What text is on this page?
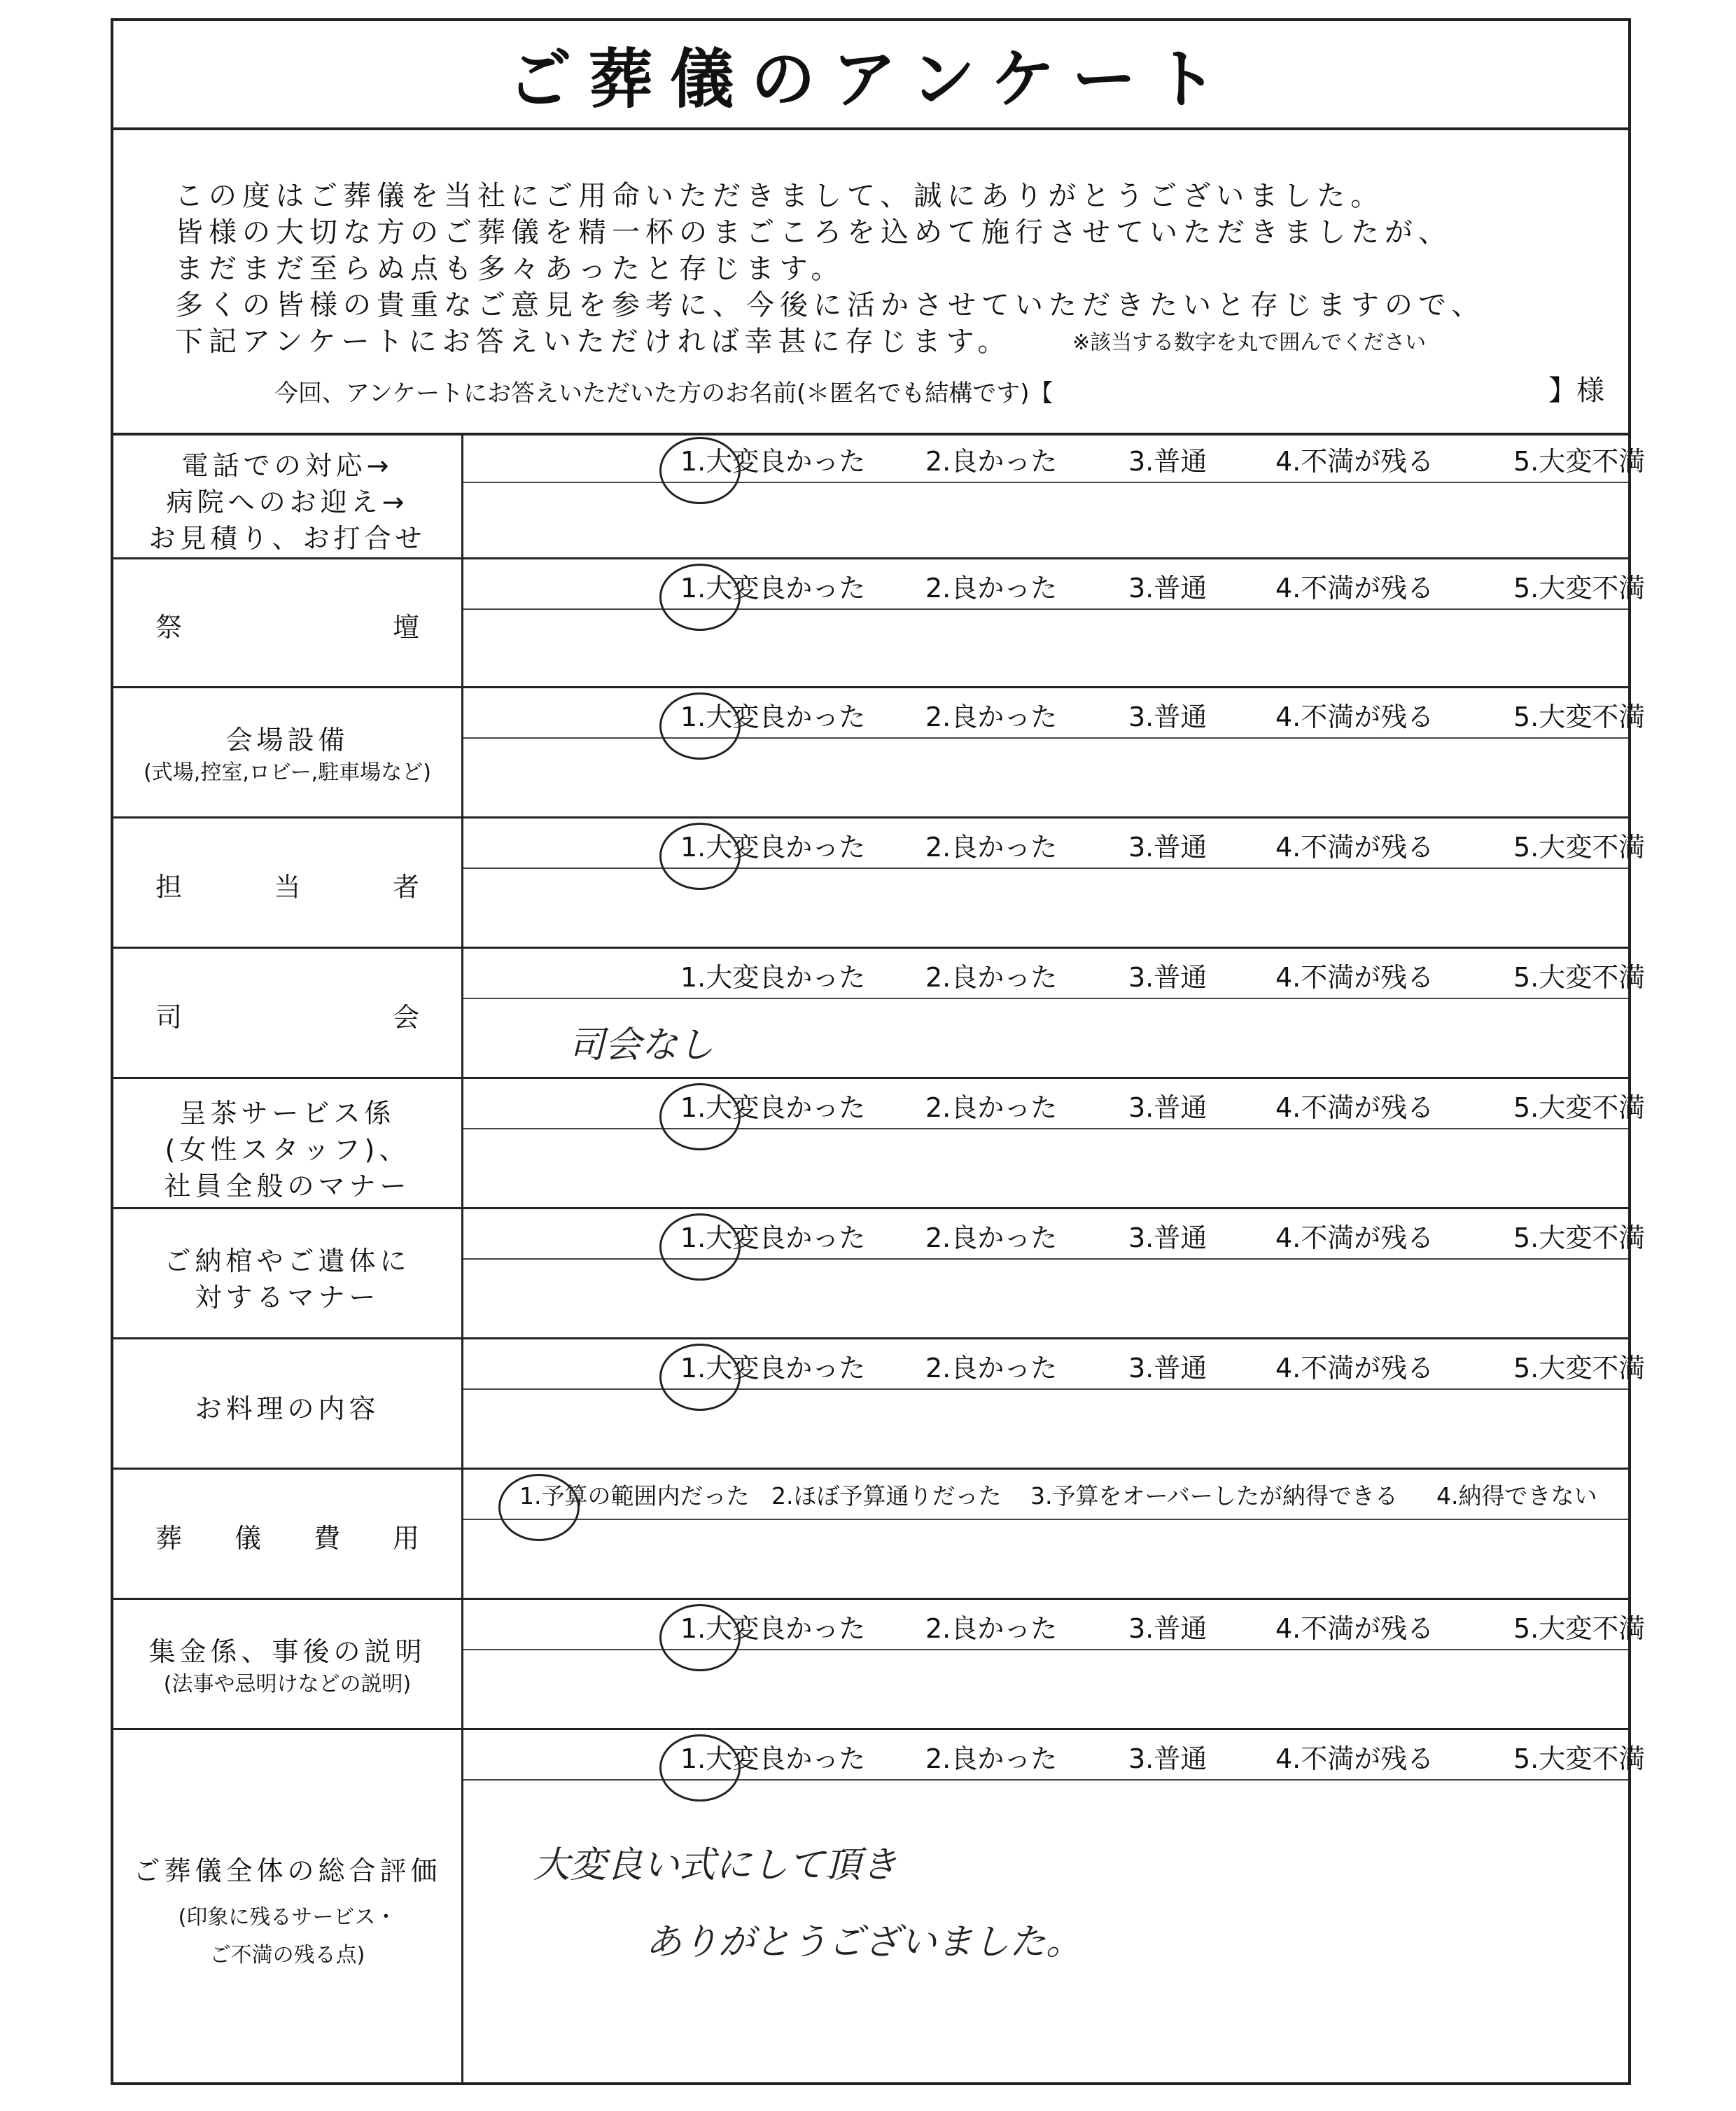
ご葬儀のアンケート
この度はご葬儀を当社にご用命いただきまして、誠にありがとうございました。
皆様の大切な方のご葬儀を精一杯のまごころを込めて施行させていただきましたが、
まだまだ至らぬ点も多々あったと存じます。
多くの皆様の貴重なご意見を参考に、今後に活かさせていただきたいと存じますので、
下記アンケートにお答えいただければ幸甚に存じます。	※該当する数字を丸で囲んでください
今回、アンケートにお答えいただいた方のお名前(＊匿名でも結構です)【	】様
電話での対応→
病院へのお迎え→
お見積り、お打合せ
1.大変良かった 2.良かった	3.普通	4.不満が残る	5.大変不満
祭	壇
1.大変良かった 2.良かった	3.普通	4.不満が残る	5.大変不満
会場設備
(式場,控室,ロビー,駐車場など)
1.大変良かった 2.良かった	3.普通	4.不満が残る	5.大変不満
担	当	者
1.大変良かった 2.良かった	3.普通	4.不満が残る	5.大変不満
司	会
1.大変良かった 2.良かった	3.普通	4.不満が残る	5.大変不満
司会なし
呈茶サービス係
(女性スタッフ)、
社員全般のマナー
1.大変良かった 2.良かった	3.普通	4.不満が残る	5.大変不満
ご納棺やご遺体に
対するマナー
1.大変良かった 2.良かった	3.普通	4.不満が残る	5.大変不満
お料理の内容
1.大変良かった 2.良かった	3.普通	4.不満が残る	5.大変不満
葬 儀 費 用
1.予算の範囲内だった 2.ほぼ予算通りだった 3.予算をオーバーしたが納得できる 4.納得できない
集金係、事後の説明
(法事や忌明けなどの説明)
1.大変良かった 2.良かった	3.普通	4.不満が残る	5.大変不満
ご葬儀全体の総合評価
(印象に残るサービス・
ご不満の残る点)
1.大変良かった 2.良かった	3.普通	4.不満が残る	5.大変不満
大変良い式にして頂き
ありがとうございました。
